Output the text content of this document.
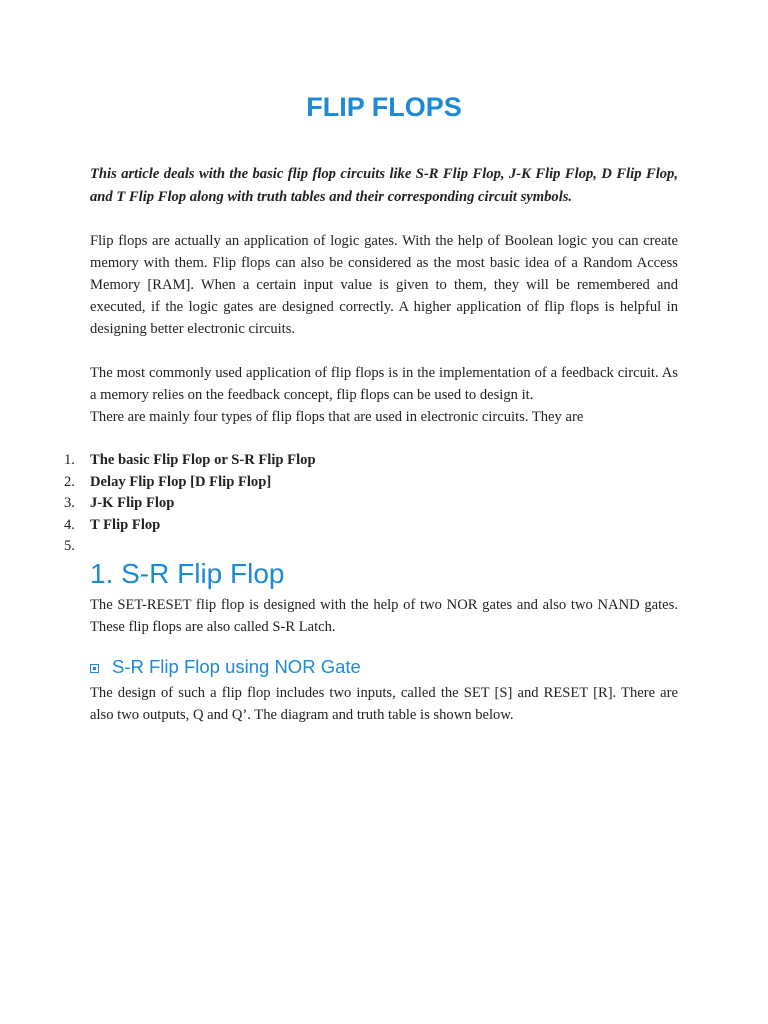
FLIP FLOPS

This article deals with the basic flip flop circuits like S-R Flip Flop, J-K Flip Flop, D Flip Flop, and T Flip Flop along with truth tables and their corresponding circuit symbols.

Flip flops are actually an application of logic gates. With the help of Boolean logic you can create memory with them. Flip flops can also be considered as the most basic idea of a Random Access Memory [RAM]. When a certain input value is given to them, they will be remembered and executed, if the logic gates are designed correctly. A higher application of flip flops is helpful in designing better electronic circuits.

The most commonly used application of flip flops is in the implementation of a feedback circuit. As a memory relies on the feedback concept, flip flops can be used to design it.

There are mainly four types of flip flops that are used in electronic circuits. They are

1.	The basic Flip Flop or S-R Flip Flop
2.	Delay Flip Flop [D Flip Flop]
3.	J-K Flip Flop
4.	T Flip Flop
5.
1. S-R Flip Flop

The SET-RESET flip flop is designed with the help of two NOR gates and also two NAND gates. These flip flops are also called S-R Latch.

S-R Flip Flop using NOR Gate

The design of such a flip flop includes two inputs, called the SET [S] and RESET [R]. There are also two outputs, Q and Q’. The diagram and truth table is shown below.
